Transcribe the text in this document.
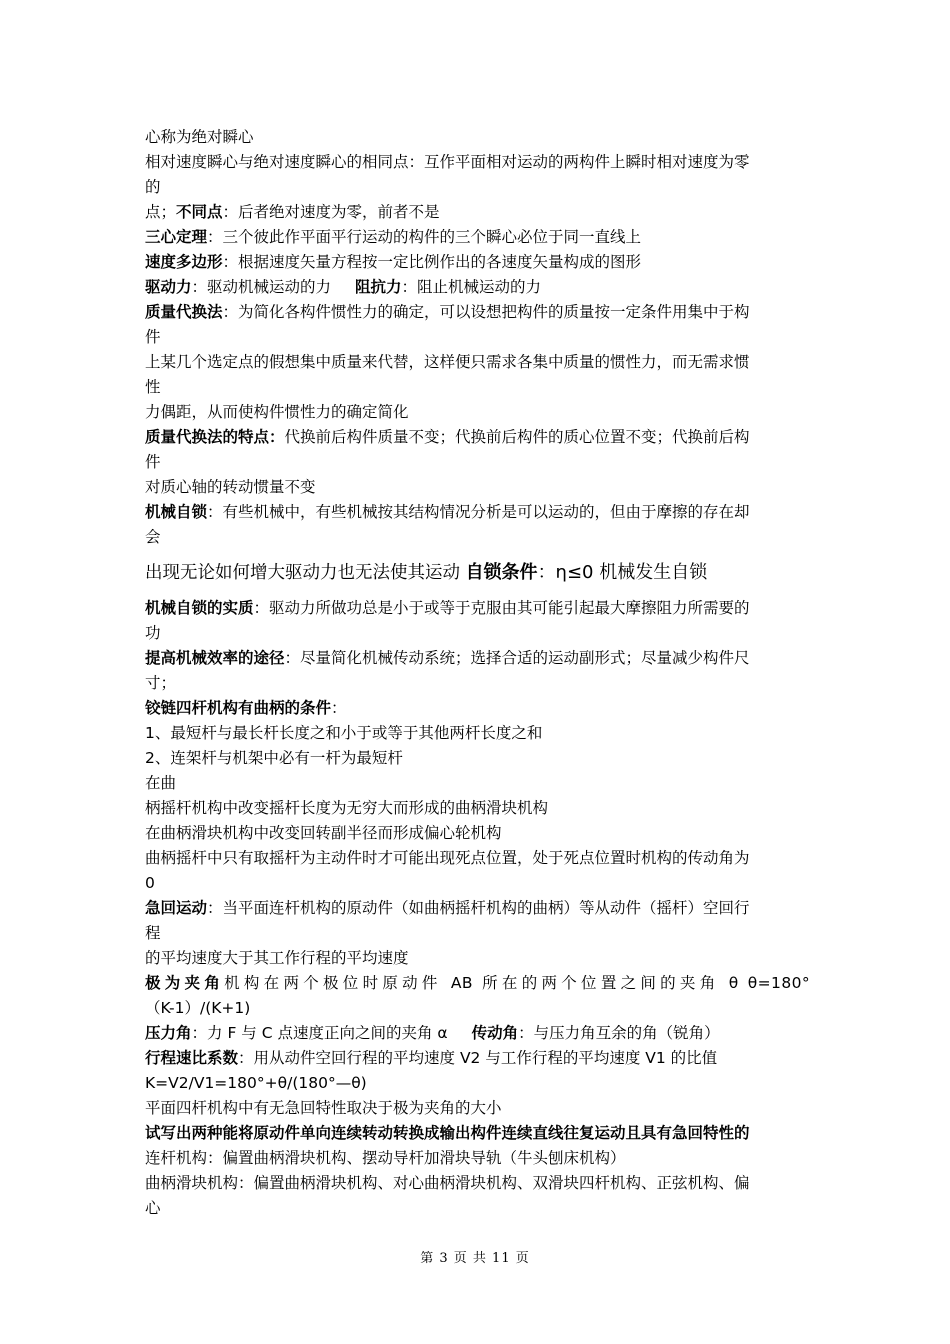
心称为绝对瞬心
相对速度瞬心与绝对速度瞬心的相同点：互作平面相对运动的两构件上瞬时相对速度为零
的
点；不同点：后者绝对速度为零，前者不是
三心定理：三个彼此作平面平行运动的构件的三个瞬心必位于同一直线上
速度多边形：根据速度矢量方程按一定比例作出的各速度矢量构成的图形
驱动力：驱动机械运动的力 阻抗力：阻止机械运动的力
质量代换法：为简化各构件惯性力的确定，可以设想把构件的质量按一定条件用集中于构
件
上某几个选定点的假想集中质量来代替，这样便只需求各集中质量的惯性力，而无需求惯
性
力偶距，从而使构件惯性力的确定简化
质量代换法的特点：代换前后构件质量不变；代换前后构件的质心位置不变；代换前后构
件
对质心轴的转动惯量不变
机械自锁：有些机械中，有些机械按其结构情况分析是可以运动的，但由于摩擦的存在却
会
出现无论如何增大驱动力也无法使其运动 自锁条件：η≤0 机械发生自锁
机械自锁的实质：驱动力所做功总是小于或等于克服由其可能引起最大摩擦阻力所需要的
功
提高机械效率的途径：尽量简化机械传动系统；选择合适的运动副形式；尽量减少构件尺
寸；
铰链四杆机构有曲柄的条件：
1、最短杆与最长杆长度之和小于或等于其他两杆长度之和
2、连架杆与机架中必有一杆为最短杆
在曲
柄摇杆机构中改变摇杆长度为无穷大而形成的曲柄滑块机构
在曲柄滑块机构中改变回转副半径而形成偏心轮机构
曲柄摇杆中只有取摇杆为主动件时才可能出现死点位置，处于死点位置时机构的传动角为
0
急回运动：当平面连杆机构的原动件（如曲柄摇杆机构的曲柄）等从动件（摇杆）空回行
程
的平均速度大于其工作行程的平均速度
极为夹角机构在两个极位时原动件 AB 所在的两个位置之间的夹角 θ θ=180°
（K-1）/(K+1)
压力角：力 F 与 C 点速度正向之间的夹角 α 传动角：与压力角互余的角（锐角）
行程速比系数：用从动件空回行程的平均速度 V2 与工作行程的平均速度 V1 的比值
K=V2/V1=180°+θ/(180°—θ)
平面四杆机构中有无急回特性取决于极为夹角的大小
试写出两种能将原动件单向连续转动转换成输出构件连续直线往复运动且具有急回特性的
连杆机构：偏置曲柄滑块机构、摆动导杆加滑块导轨（牛头刨床机构）
曲柄滑块机构：偏置曲柄滑块机构、对心曲柄滑块机构、双滑块四杆机构、正弦机构、偏
心
第 3 页 共 11 页
